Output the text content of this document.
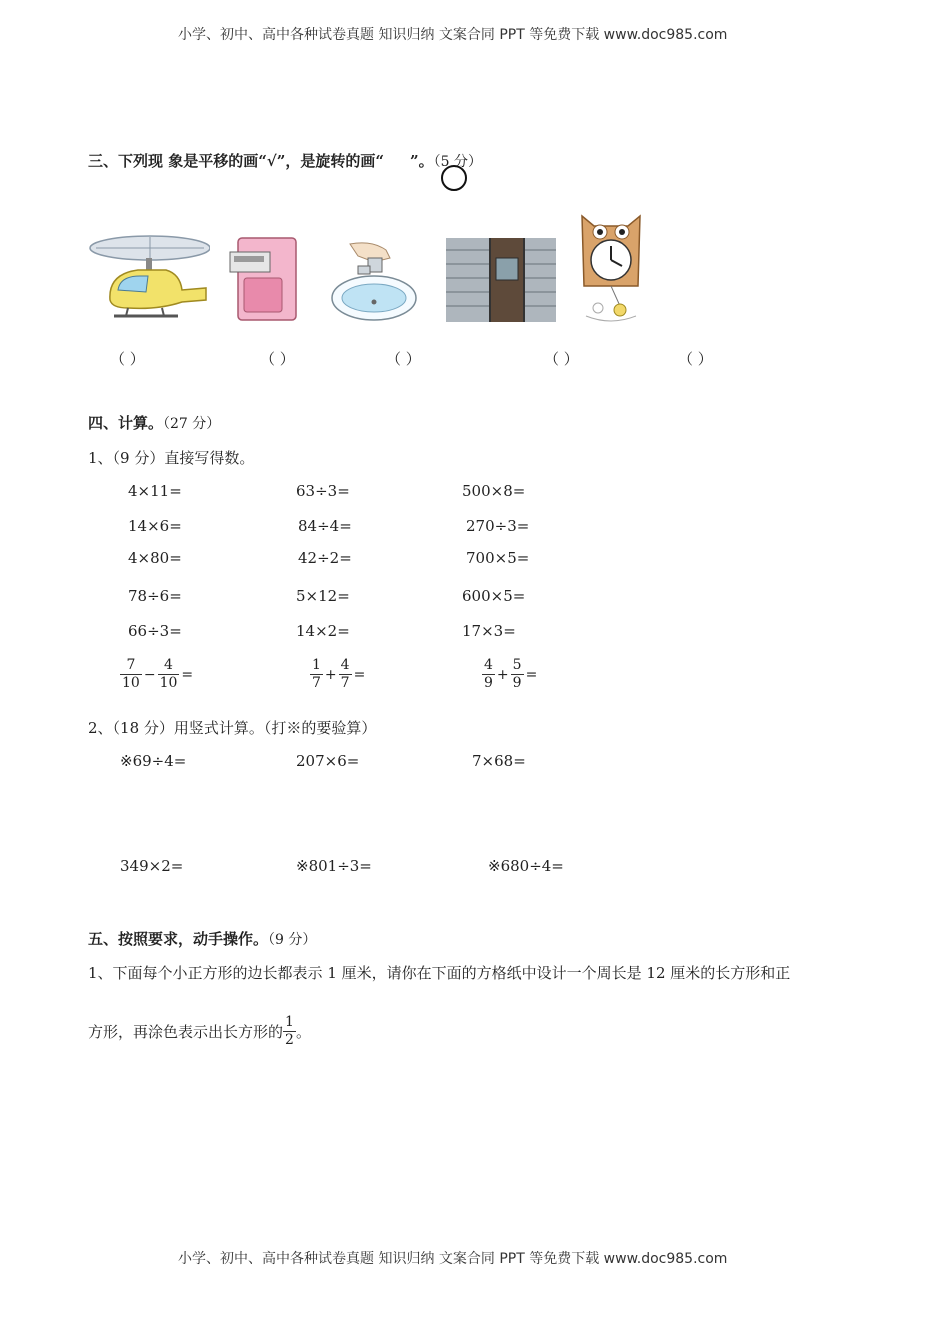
小学、初中、高中各种试卷真题 知识归纳 文案合同 PPT 等免费下载 www.doc985.com
三、下列现 象是平移的画“√”，是旋转的画“ ”。（5 分）
（ ）	（ ）	（ ）	（ ）	（ ）
四、计算。（27 分）
1、（9 分）直接写得数。
4×11=	63÷3=	500×8=
14×6=	84÷4=	270÷3=
4×80=	42÷2=	700×5=
78÷6=	5×12=	600×5=
66÷3=	14×2=	17×3=
$\frac{7}{10} - \frac{4}{10}$ =	$\frac{1}{7} + \frac{4}{7}$ =	$\frac{4}{9} + \frac{5}{9}$ =
2、（18 分）用竖式计算。（打※的要验算）
※69÷4=	207×6=	7×68=
349×2=	※801÷3=	※680÷4=
五、按照要求，动手操作。（9 分）
1、下面每个小正方形的边长都表示 1 厘米，请你在下面的方格纸中设计一个周长是 12 厘米的长方形和正
方形，再涂色表示出长方形的 $\frac{1}{2}$ 。
小学、初中、高中各种试卷真题 知识归纳 文案合同 PPT 等免费下载 www.doc985.com
